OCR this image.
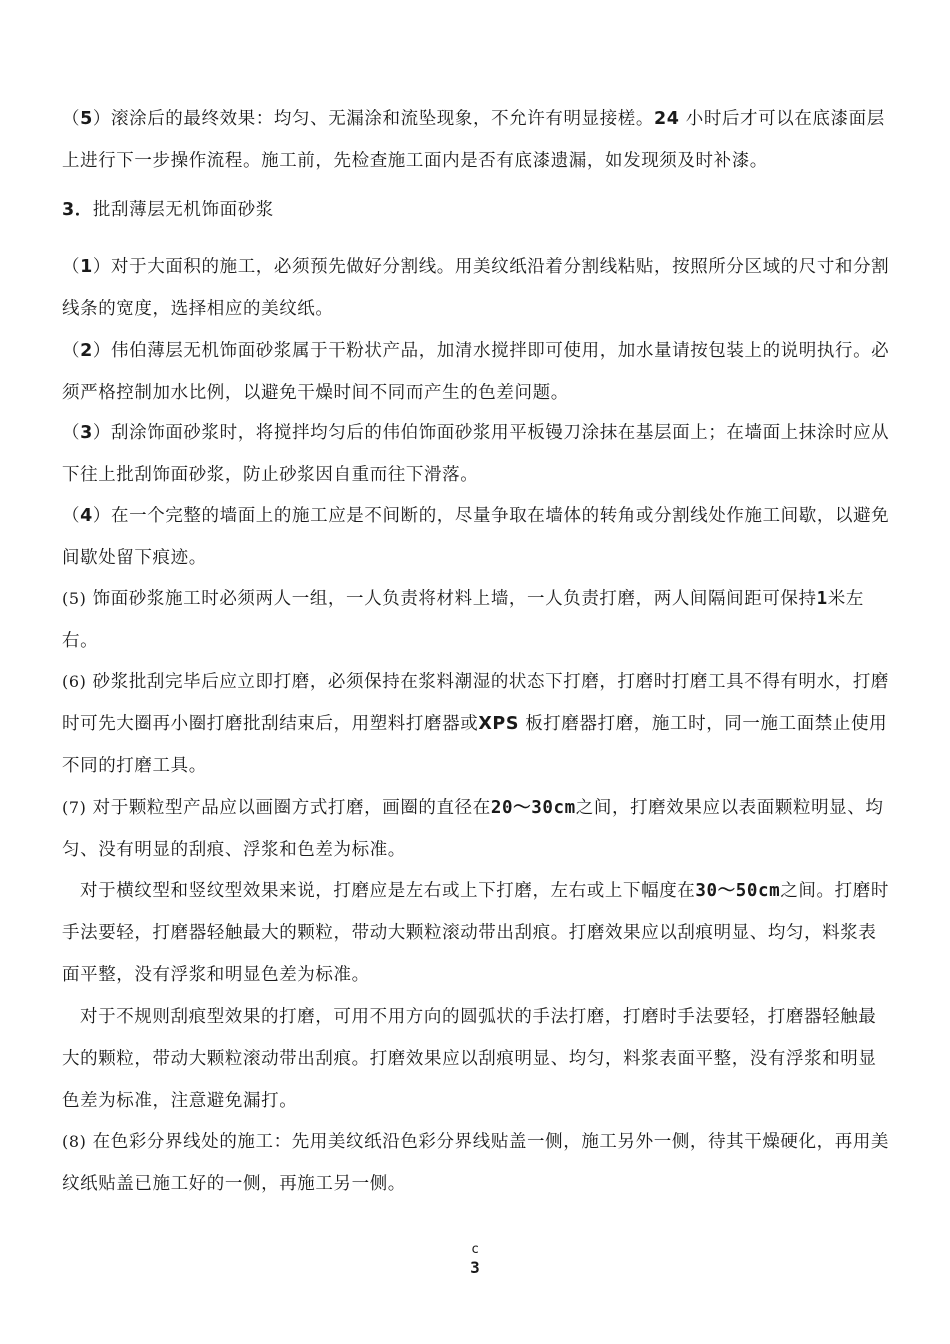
（5）滚涂后的最终效果：均匀、无漏涂和流坠现象，不允许有明显接槎。24 小时后才可以在底漆面层上进行下一步操作流程。施工前，先检查施工面内是否有底漆遗漏，如发现须及时补漆。

3．批刮薄层无机饰面砂浆

（1）对于大面积的施工，必须预先做好分割线。用美纹纸沿着分割线粘贴，按照所分区域的尺寸和分割线条的宽度，选择相应的美纹纸。

（2）伟伯薄层无机饰面砂浆属于干粉状产品，加清水搅拌即可使用，加水量请按包装上的说明执行。必须严格控制加水比例，以避免干燥时间不同而产生的色差问题。

（3）刮涂饰面砂浆时，将搅拌均匀后的伟伯饰面砂浆用平板镘刀涂抹在基层面上；在墙面上抹涂时应从下往上批刮饰面砂浆，防止砂浆因自重而往下滑落。

（4）在一个完整的墙面上的施工应是不间断的，尽量争取在墙体的转角或分割线处作施工间歇，以避免间歇处留下痕迹。

(5) 饰面砂浆施工时必须两人一组，一人负责将材料上墙，一人负责打磨，两人间隔间距可保持1米左右。

(6) 砂浆批刮完毕后应立即打磨，必须保持在浆料潮湿的状态下打磨，打磨时打磨工具不得有明水，打磨时可先大圈再小圈打磨批刮结束后，用塑料打磨器或XPS 板打磨器打磨，施工时，同一施工面禁止使用不同的打磨工具。

(7) 对于颗粒型产品应以画圈方式打磨，画圈的直径在20～30cm之间，打磨效果应以表面颗粒明显、均匀、没有明显的刮痕、浮浆和色差为标准。

对于横纹型和竖纹型效果来说，打磨应是左右或上下打磨，左右或上下幅度在30～50cm之间。打磨时手法要轻，打磨器轻触最大的颗粒，带动大颗粒滚动带出刮痕。打磨效果应以刮痕明显、均匀，料浆表面平整，没有浮浆和明显色差为标准。

对于不规则刮痕型效果的打磨，可用不用方向的圆弧状的手法打磨，打磨时手法要轻，打磨器轻触最大的颗粒，带动大颗粒滚动带出刮痕。打磨效果应以刮痕明显、均匀，料浆表面平整，没有浮浆和明显色差为标准，注意避免漏打。

(8) 在色彩分界线处的施工：先用美纹纸沿色彩分界线贴盖一侧，施工另外一侧，待其干燥硬化，再用美纹纸贴盖已施工好的一侧，再施工另一侧。

c
3
